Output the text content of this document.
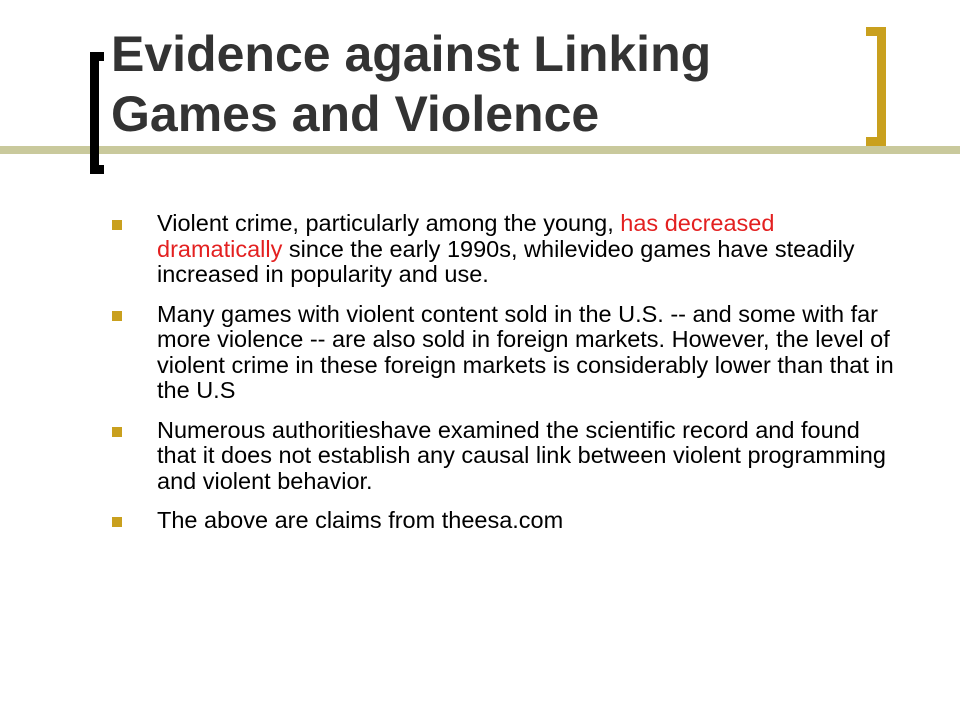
Evidence against Linking
Games and Violence
Violent crime, particularly among the young, has decreased dramatically since the early 1990s, whilevideo games have steadily increased in popularity and use.
Many games with violent content sold in the U.S. -- and some with far more violence -- are also sold in foreign markets. However, the level of violent crime in these foreign markets is considerably lower than that in the U.S
Numerous authoritieshave examined the scientific record and found that it does not establish any causal link between violent programming and violent behavior.
The above are claims from theesa.com
